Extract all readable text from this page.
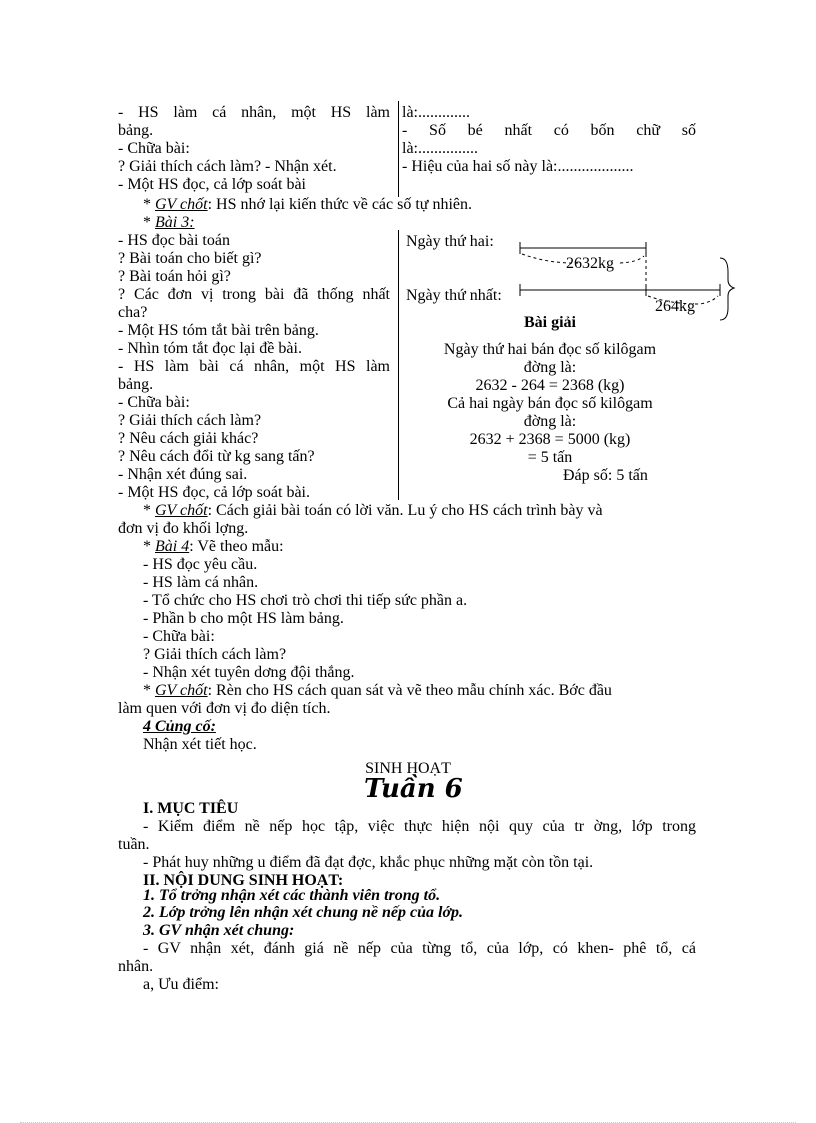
- HS làm cá nhân, một HS làm
bảng.
- Chữa bài:
? Giải thích cách làm? - Nhận xét.
- Một HS đọc, cả lớp soát bài
là:.............
- Số bé nhất có bốn chữ số
là:...............
- Hiệu của hai số này là:...................
* GV chốt: HS nhớ lại kiến thức về các số tự nhiên.
* Bài 3:
- HS đọc bài toán
? Bài toán cho biết gì?
? Bài toán hỏi gì?
? Các đơn vị trong bài đã thống nhất
cha?
- Một HS tóm tắt bài trên bảng.
- Nhìn tóm tắt đọc lại đề bài.
- HS làm bài cá nhân, một HS làm
bảng.
- Chữa bài:
? Giải thích cách làm?
? Nêu cách giải khác?
? Nêu cách đổi từ kg sang tấn?
- Nhận xét đúng sai.
- Một HS đọc, cả lớp soát bài.
Ngày thứ hai:
Ngày thứ nhất:
2632kg
264kg
Bài giải
Ngày thứ hai bán đọc số kilôgam
đờng là:
2632 - 264 = 2368 (kg)
Cả hai ngày bán đọc số kilôgam
đờng là:
2632 + 2368 = 5000 (kg)
= 5 tấn
Đáp số: 5 tấn
* GV chốt: Cách giải bài toán có lời văn. Lu ý cho HS cách trình bày và
đơn vị đo khối lợng.
* Bài 4: Vẽ theo mẫu:
- HS đọc yêu cầu.
- HS làm cá nhân.
- Tổ chức cho HS chơi trò chơi thi tiếp sức phần a.
- Phần b cho một HS làm bảng.
- Chữa bài:
? Giải thích cách làm?
- Nhận xét tuyên dơng đội thắng.
* GV chốt: Rèn cho HS cách quan sát và vẽ theo mẫu chính xác. Bớc đầu
làm quen với đơn vị đo diện tích.
4 Củng cố:
Nhận xét tiết học.
SINH HOẠT
Tuần 6
I. MỤC TIÊU
- Kiểm điểm nề nếp học tập, việc thực hiện nội quy của tr ờng, lớp trong
tuần.
- Phát huy những u điểm đã đạt đợc, khắc phục những mặt còn tồn tại.
II. NỘI DUNG SINH HOẠT:
1. Tổ trởng nhận xét các thành viên trong tổ.
2. Lớp trởng lên nhận xét chung nề nếp của lớp.
3. GV nhận xét chung:
- GV nhận xét, đánh giá nề nếp của từng tổ, của lớp, có khen- phê tổ, cá
nhân.
a, Ưu điểm:
